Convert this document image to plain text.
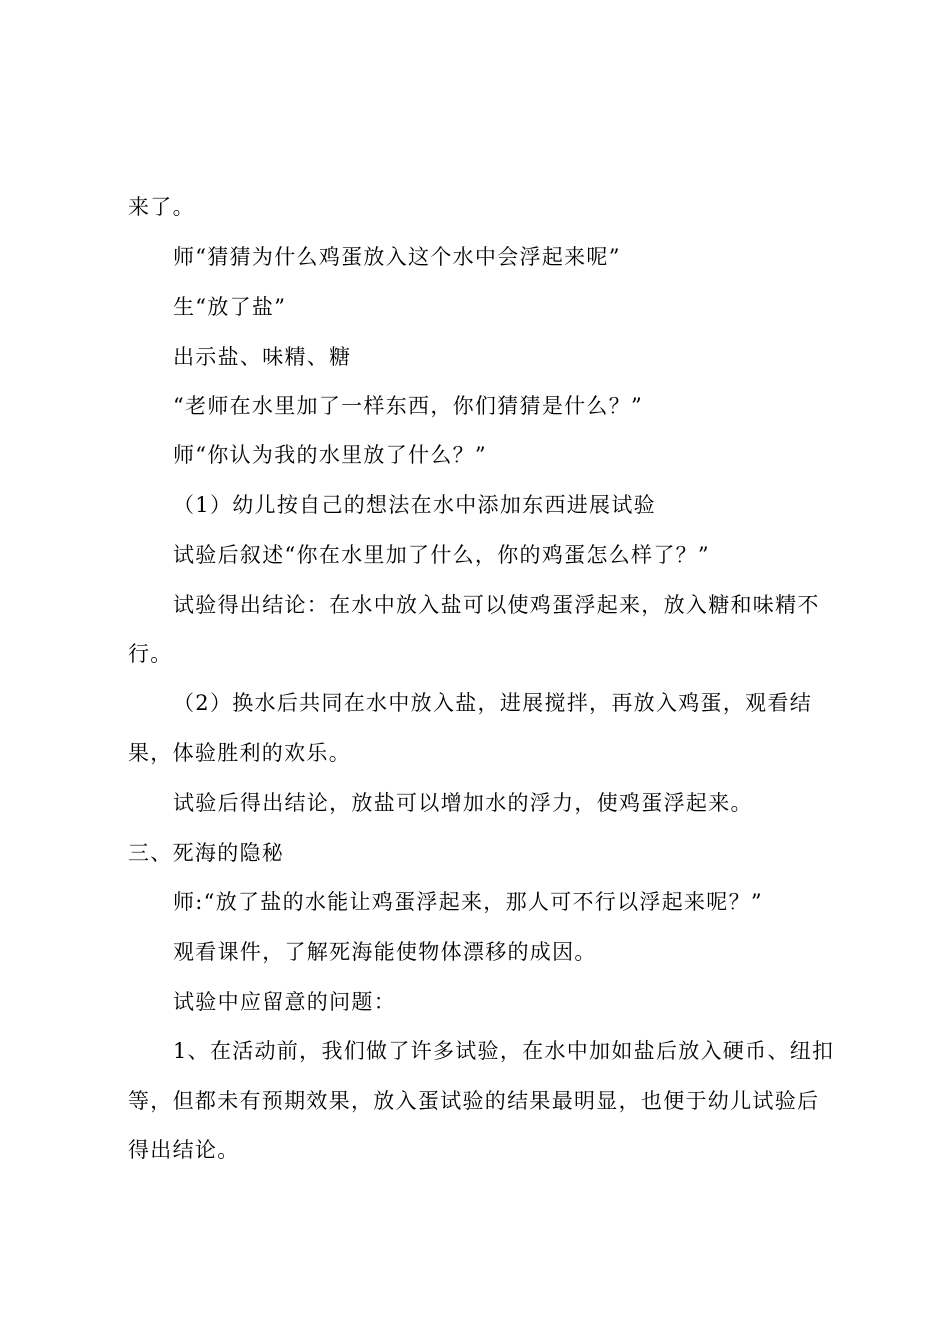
来了。
师“猜猜为什么鸡蛋放入这个水中会浮起来呢”
生“放了盐”
出示盐、味精、糖
“老师在水里加了一样东西，你们猜猜是什么？”
师“你认为我的水里放了什么？”
（1）幼儿按自己的想法在水中添加东西进展试验
试验后叙述“你在水里加了什么，你的鸡蛋怎么样了？”
试验得出结论：在水中放入盐可以使鸡蛋浮起来，放入糖和味精不
行。
（2）换水后共同在水中放入盐，进展搅拌，再放入鸡蛋，观看结
果，体验胜利的欢乐。
试验后得出结论，放盐可以增加水的浮力，使鸡蛋浮起来。
三、死海的隐秘
师:“放了盐的水能让鸡蛋浮起来，那人可不行以浮起来呢？”
观看课件，了解死海能使物体漂移的成因。
试验中应留意的问题：
1、在活动前，我们做了许多试验，在水中加如盐后放入硬币、纽扣
等，但都未有预期效果，放入蛋试验的结果最明显，也便于幼儿试验后
得出结论。
